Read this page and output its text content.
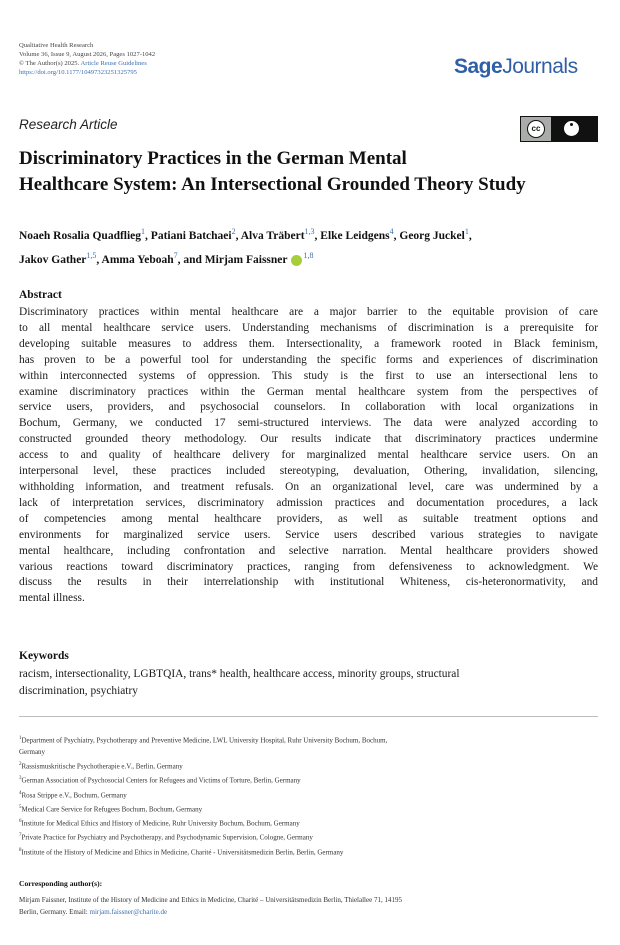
Qualitative Health Research
Volume 36, Issue 9, August 2026, Pages 1027-1042
© The Author(s) 2025. Article Reuse Guidelines
https://doi.org/10.1177/10497323251325795	SageJournals
Research Article	cc
Discriminatory Practices in the German Mental
Healthcare System: An Intersectional Grounded Theory Study
Noaeh Rosalia Quadflieg$^1$, Patiani Batchaei$^2$, Alva Träbert$^{1,3}$, Elke Leidgens$^4$, Georg Juckel$^1$,
Jakov Gather$^{1,5}$, Amma Yeboah$^7$, and Mirjam Faissner $^{1,8}$
Abstract
Discriminatory practices within mental healthcare are a major barrier to the equitable provision of care
to all mental healthcare service users. Understanding mechanisms of discrimination is a prerequisite for
developing suitable measures to address them. Intersectionality, a framework rooted in Black feminism,
has proven to be a powerful tool for understanding the specific forms and experiences of discrimination
within interconnected systems of oppression. This study is the first to use an intersectional lens to
examine discriminatory practices within the German mental healthcare system from the perspectives of
service users, providers, and psychosocial counselors. In collaboration with local organizations in
Bochum, Germany, we conducted 17 semi-structured interviews. The data were analyzed according to
constructed grounded theory methodology. Our results indicate that discriminatory practices undermine
access to and quality of healthcare delivery for marginalized mental healthcare service users. On an
interpersonal level, these practices included stereotyping, devaluation, Othering, invalidation, silencing,
withholding information, and treatment refusals. On an organizational level, care was undermined by a
lack of interpretation services, discriminatory admission practices and documentation procedures, a lack
of competencies among mental healthcare providers, as well as suitable treatment options and
environments for marginalized service users. Service users described various strategies to navigate
mental healthcare, including confrontation and selective narration. Mental healthcare providers showed
various reactions toward discriminatory practices, ranging from defensiveness to acknowledgment. We
discuss the results in their interrelationship with institutional Whiteness, cis-heteronormativity, and
mental illness.
Keywords
racism, intersectionality, LGBTQIA, trans* health, healthcare access, minority groups, structural
discrimination, psychiatry
$^1$Department of Psychiatry, Psychotherapy and Preventive Medicine, LWL University Hospital, Ruhr University Bochum, Bochum,
Germany
$^2$Rassismuskritische Psychotherapie e.V., Berlin, Germany
$^3$German Association of Psychosocial Centers for Refugees and Victims of Torture, Berlin, Germany
$^4$Rosa Strippe e.V., Bochum, Germany
$^5$Medical Care Service for Refugees Bochum, Bochum, Germany
$^6$Institute for Medical Ethics and History of Medicine, Ruhr University Bochum, Bochum, Germany
$^7$Private Practice for Psychiatry and Psychotherapy, and Psychodynamic Supervision, Cologne, Germany
$^8$Institute of the History of Medicine and Ethics in Medicine, Charité - Universitätsmedizin Berlin, Berlin, Germany
Corresponding author(s):
Mirjam Faissner, Institute of the History of Medicine and Ethics in Medicine, Charité – Universitätsmedizin Berlin, Thielallee 71, 14195
Berlin, Germany. Email: mirjam.faissner@charite.de
